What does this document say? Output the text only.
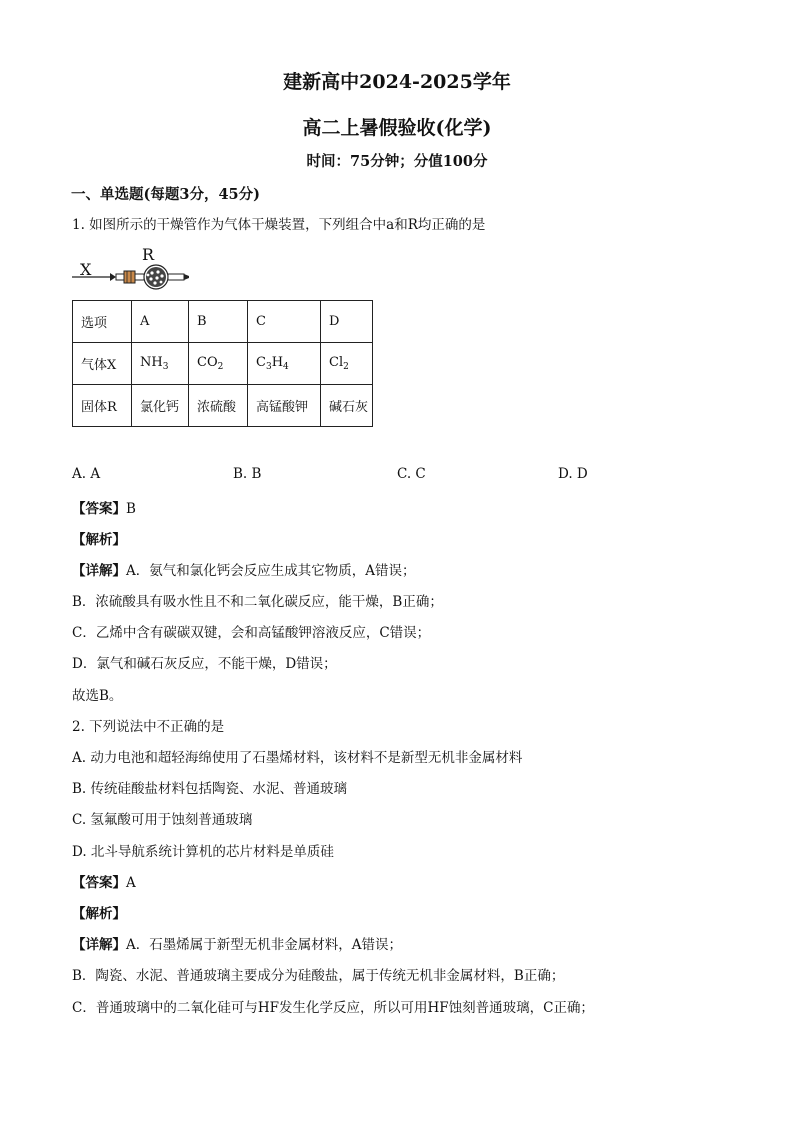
建新高中2024-2025学年
高二上暑假验收(化学)
时间：75分钟；分值100分
一、单选题(每题3分，45分)
1. 如图所示的干燥管作为气体干燥装置，下列组合中a和R均正确的是
X
R
选项	A	B	C	D
气体X	$NH_3$	$CO_2$	$C_3H_4$	$Cl_2$
固体R	氯化钙	浓硫酸	高锰酸钾	碱石灰
A. A	B. B	C. C	D. D
【答案】B
【解析】
【详解】A．氨气和氯化钙会反应生成其它物质，A错误；
B．浓硫酸具有吸水性且不和二氧化碳反应，能干燥，B正确；
C．乙烯中含有碳碳双键，会和高锰酸钾溶液反应，C错误；
D．氯气和碱石灰反应，不能干燥，D错误；
故选B。
2. 下列说法中不正确的是
A. 动力电池和超轻海绵使用了石墨烯材料，该材料不是新型无机非金属材料
B. 传统硅酸盐材料包括陶瓷、水泥、普通玻璃
C. 氢氟酸可用于蚀刻普通玻璃
D. 北斗导航系统计算机的芯片材料是单质硅
【答案】A
【解析】
【详解】A．石墨烯属于新型无机非金属材料，A错误；
B．陶瓷、水泥、普通玻璃主要成分为硅酸盐，属于传统无机非金属材料，B正确；
C．普通玻璃中的二氧化硅可与HF发生化学反应，所以可用HF蚀刻普通玻璃，C正确；
